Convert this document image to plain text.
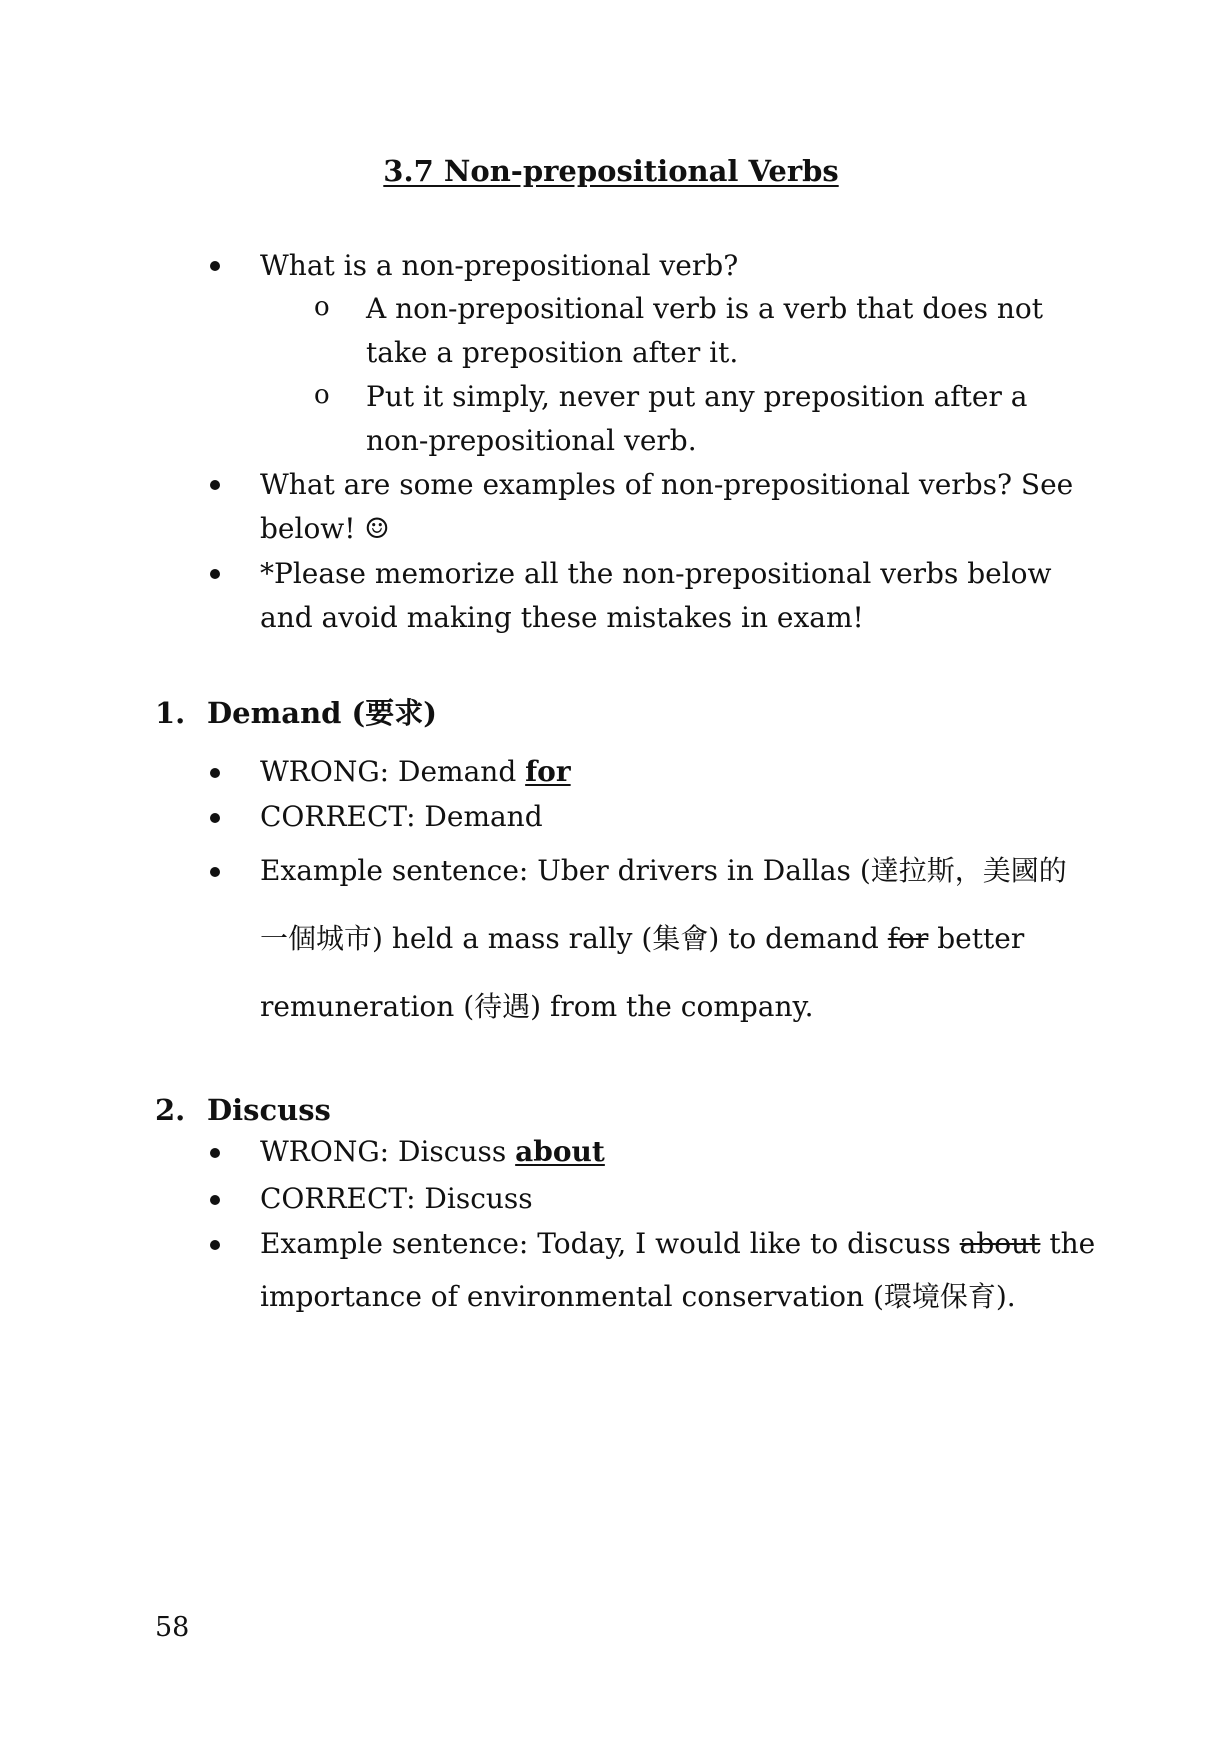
3.7 Non-prepositional Verbs
What is a non-prepositional verb?
o A non-prepositional verb is a verb that does not
take a preposition after it.
o Put it simply, never put any preposition after a
non-prepositional verb.
What are some examples of non-prepositional verbs? See
below! ☺
*Please memorize all the non-prepositional verbs below
and avoid making these mistakes in exam!
1. Demand (要求)
WRONG: Demand for
CORRECT: Demand
Example sentence: Uber drivers in Dallas (達拉斯，美國的
一個城市) held a mass rally (集會) to demand for better
remuneration (待遇) from the company.
2. Discuss
WRONG: Discuss about
CORRECT: Discuss
Example sentence: Today, I would like to discuss about the
importance of environmental conservation (環境保育).
58
